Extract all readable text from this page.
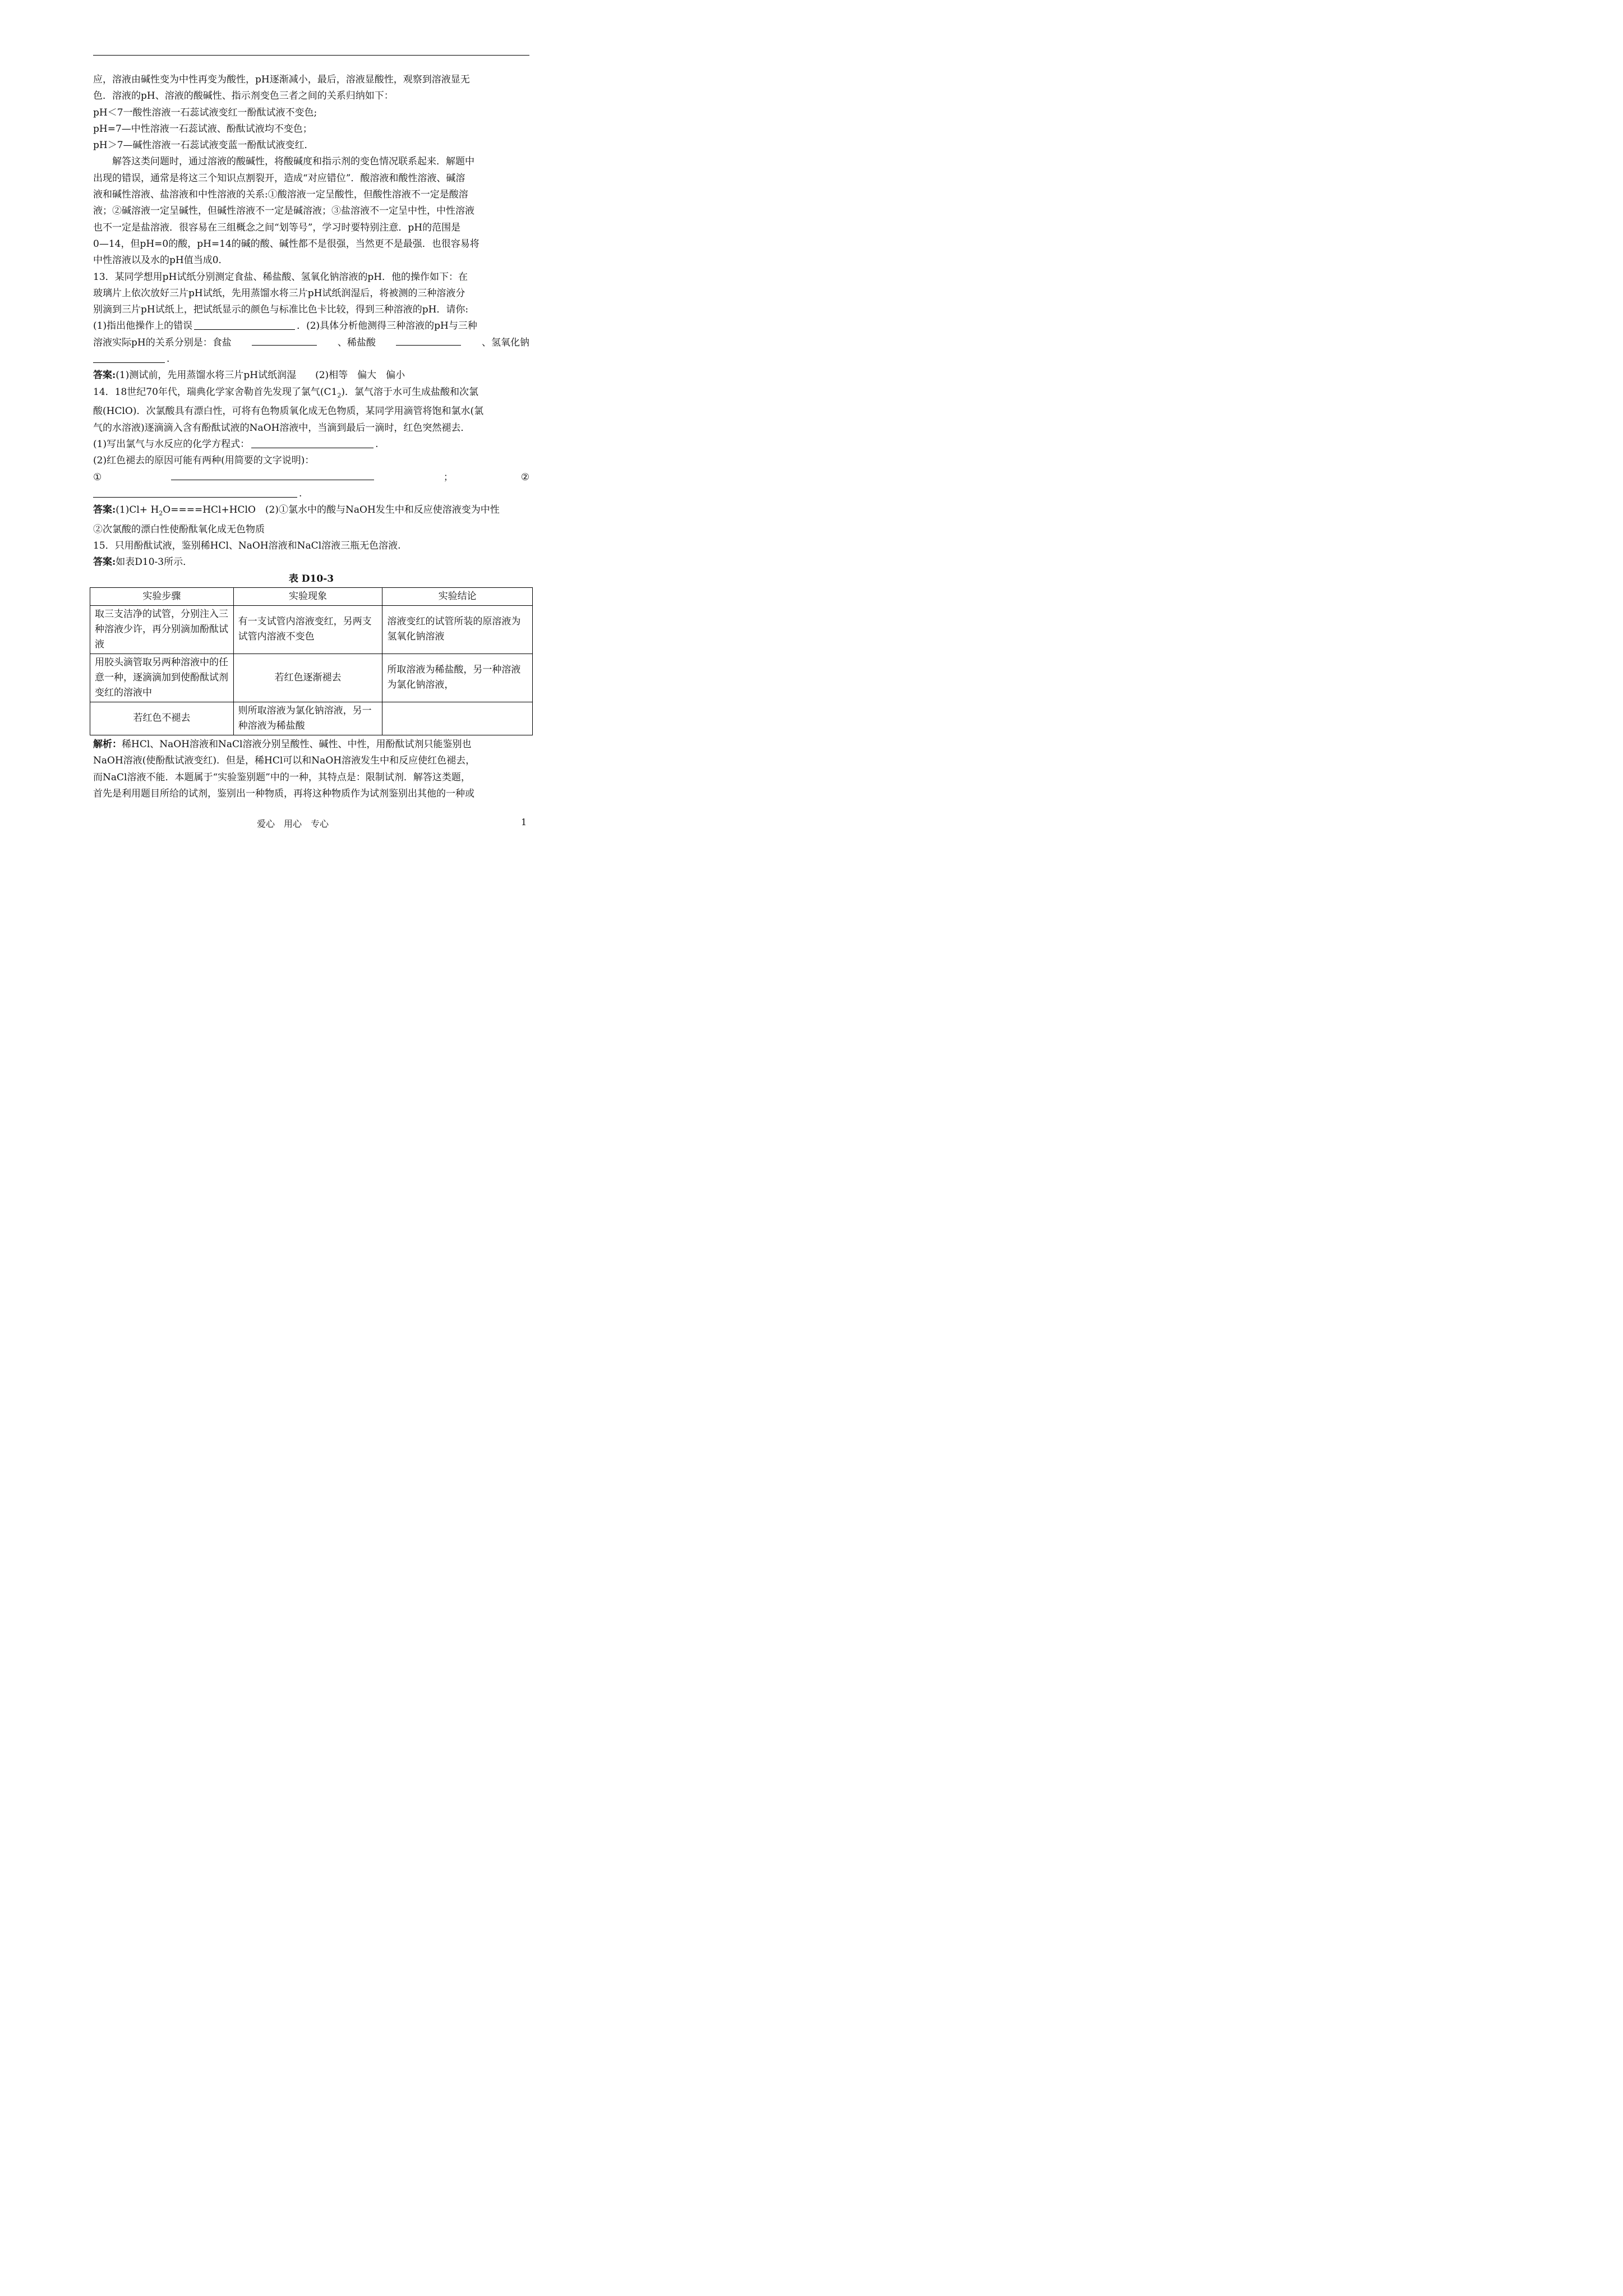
应，溶液由碱性变为中性再变为酸性，pH逐渐减小，最后，溶液显酸性，观察到溶液显无

色．溶液的pH、溶液的酸碱性、指示剂变色三者之间的关系归纳如下：

pH＜7一酸性溶液一石蕊试液变红一酚酞试液不变色;

pH=7—中性溶液一石蕊试液、酚酞试液均不变色；

pH＞7—碱性溶液一石蕊试液变蓝一酚酞试液变红．

解答这类问题时，通过溶液的酸碱性，将酸碱度和指示剂的变色情况联系起来．解题中

出现的错误，通常是将这三个知识点割裂开，造成“对应错位”．酸溶液和酸性溶液、碱溶

液和碱性溶液、盐溶液和中性溶液的关系:①酸溶液一定呈酸性，但酸性溶液不一定是酸溶

液；②碱溶液一定呈碱性，但碱性溶液不一定是碱溶液；③盐溶液不一定呈中性，中性溶液

也不一定是盐溶液．很容易在三组概念之间“划等号”，学习时要特别注意．pH的范围是

0—14，但pH=0的酸，pH=14的碱的酸、碱性都不是很强，当然更不是最强．也很容易将

中性溶液以及水的pH值当成0．

13．某同学想用pH试纸分别测定食盐、稀盐酸、氢氧化钠溶液的pH．他的操作如下：在

玻璃片上依次放好三片pH试纸，先用蒸馏水将三片pH试纸润湿后，将被测的三种溶液分

别滴到三片pH试纸上，把试纸显示的颜色与标准比色卡比较，得到三种溶液的pH．请你:

(1)指出他操作上的错误	．(2)具体分析他测得三种溶液的pH与三种

溶液实际pH的关系分别是：食盐	、稀盐酸	、氢氧化钠

.

答案:(1)测试前，先用蒸馏水将三片pH试纸润湿　　(2)相等　偏大　偏小

14．18世纪70年代，瑞典化学家舍勒首先发现了氯气$(C1_2)$．氯气溶于水可生成盐酸和次氯

酸(HClO)．次氯酸具有漂白性，可将有色物质氧化成无色物质，某同学用滴管将饱和氯水(氯

气的水溶液)逐滴滴入含有酚酞试液的NaOH溶液中，当滴到最后一滴时，红色突然褪去．

(1)写出氯气与水反应的化学方程式：	.

(2)红色褪去的原因可能有两种(用简要的文字说明)：

①	；	②

.

答案:(1)Cl+ $H_2O====HCl+HClO$　(2)①氯水中的酸与NaOH发生中和反应使溶液变为中性

②次氯酸的漂白性使酚酞氧化成无色物质

15．只用酚酞试液，鉴别稀HCl、NaOH溶液和NaCl溶液三瓶无色溶液.

答案:如表D10-3所示．

表 D10-3

实验步骤	实验现象	实验结论
取三支洁净的试管，分别注入三种溶液少许，再分别滴加酚酞试液	有一支试管内溶液变红，另两支试管内溶液不变色	溶液变红的试管所装的原溶液为氢氧化钠溶液
用胶头滴管取另两种溶液中的任意一种，逐滴滴加到使酚酞试剂变红的溶液中	若红色逐渐褪去	所取溶液为稀盐酸，另一种溶液为氯化钠溶液，
若红色不褪去	则所取溶液为氯化钠溶液，另一种溶液为稀盐酸	

解析：稀HCl、NaOH溶液和NaCl溶液分别呈酸性、碱性、中性，用酚酞试剂只能鉴别也

NaOH溶液(使酚酞试液变红)．但是，稀HCl可以和NaOH溶液发生中和反应使红色褪去，

而NaCl溶液不能．本题属于“实验鉴别题”中的一种，其特点是：限制试剂．解答这类题，

首先是利用题目所给的试剂，鉴别出一种物质，再将这种物质作为试剂鉴别出其他的一种或

爱心　用心　专心	1
